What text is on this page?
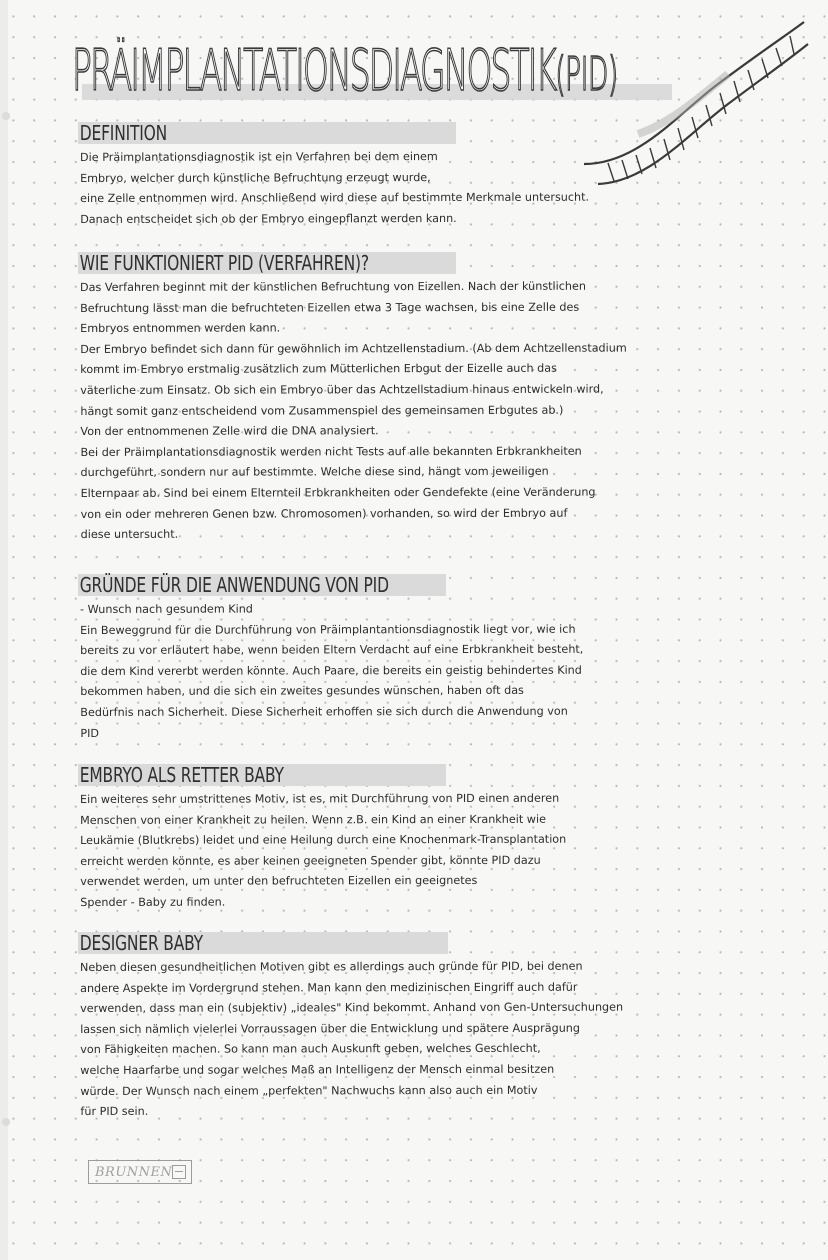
PRÄIMPLANTATIONSDIAGNOSTIK(PID)
DEFINITION

Die Präimplantationsdiagnostik ist ein Verfahren bei dem einem
Embryo, welcher durch künstliche Befruchtung erzeugt wurde,
eine Zelle entnommen wird. Anschließend wird diese auf bestimmte Merkmale untersucht.
Danach entscheidet sich ob der Embryo eingepflanzt werden kann.

WIE FUNKTIONIERT PID (VERFAHREN)?

Das Verfahren beginnt mit der künstlichen Befruchtung von Eizellen. Nach der künstlichen
Befruchtung lässt man die befruchteten Eizellen etwa 3 Tage wachsen, bis eine Zelle des
Embryos entnommen werden kann.
Der Embryo befindet sich dann für gewöhnlich im Achtzellenstadium. (Ab dem Achtzellenstadium
kommt im Embryo erstmalig zusätzlich zum Mütterlichen Erbgut der Eizelle auch das
väterliche zum Einsatz. Ob sich ein Embryo über das Achtzellstadium hinaus entwickeln wird,
hängt somit ganz entscheidend vom Zusammenspiel des gemeinsamen Erbgutes ab.)
Von der entnommenen Zelle wird die DNA analysiert.
Bei der Präimplantationsdiagnostik werden nicht Tests auf alle bekannten Erbkrankheiten
durchgeführt, sondern nur auf bestimmte. Welche diese sind, hängt vom jeweiligen
Elternpaar ab. Sind bei einem Elternteil Erbkrankheiten oder Gendefekte (eine Veränderung
von ein oder mehreren Genen bzw. Chromosomen) vorhanden, so wird der Embryo auf
diese untersucht.

GRÜNDE FÜR DIE ANWENDUNG VON PID

- Wunsch nach gesundem Kind
Ein Beweggrund für die Durchführung von Präimplantantionsdiagnostik liegt vor, wie ich
bereits zu vor erläutert habe, wenn beiden Eltern Verdacht auf eine Erbkrankheit besteht,
die dem Kind vererbt werden könnte. Auch Paare, die bereits ein geistig behindertes Kind
bekommen haben, und die sich ein zweites gesundes wünschen, haben oft das
Bedürfnis nach Sicherheit. Diese Sicherheit erhoffen sie sich durch die Anwendung von
PID

EMBRYO ALS RETTER BABY

Ein weiteres sehr umstrittenes Motiv, ist es, mit Durchführung von PID einen anderen
Menschen von einer Krankheit zu heilen. Wenn z.B. ein Kind an einer Krankheit wie
Leukämie (Blutkrebs) leidet und eine Heilung durch eine Knochenmark-Transplantation
erreicht werden könnte, es aber keinen geeigneten Spender gibt, könnte PID dazu
verwendet werden, um unter den befruchteten Eizellen ein geeignetes
Spender - Baby zu finden.

DESIGNER BABY

Neben diesen gesundheitlichen Motiven gibt es allerdings auch gründe für PID, bei denen
andere Aspekte im Vordergrund stehen. Man kann den medizinischen Eingriff auch dafür
verwenden, dass man ein (subjektiv) „ideales" Kind bekommt. Anhand von Gen-Untersuchungen
lassen sich nämlich vielerlei Vorraussagen über die Entwicklung und spätere Ausprägung
von Fähigkeiten machen. So kann man auch Auskunft geben, welches Geschlecht,
welche Haarfarbe und sogar welches Maß an Intelligenz der Mensch einmal besitzen
würde. Der Wunsch nach einem „perfekten" Nachwuchs kann also auch ein Motiv
für PID sein.

BRUNNEN
